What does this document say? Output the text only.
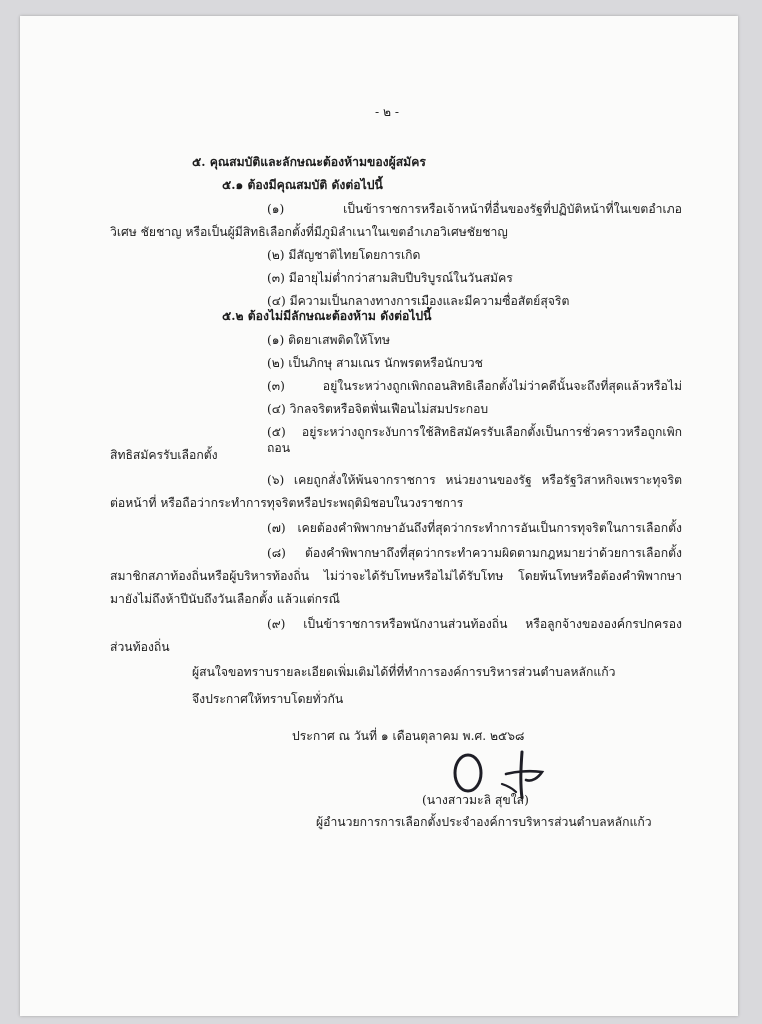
- ๒ -
๕. คุณสมบัติและลักษณะต้องห้ามของผู้สมัคร
๕.๑ ต้องมีคุณสมบัติ ดังต่อไปนี้
(๑) เป็นข้าราชการหรือเจ้าหน้าที่อื่นของรัฐที่ปฏิบัติหน้าที่ในเขตอำเภอ
วิเศษ ชัยชาญ หรือเป็นผู้มีสิทธิเลือกตั้งที่มีภูมิลำเนาในเขตอำเภอวิเศษชัยชาญ
(๒) มีสัญชาติไทยโดยการเกิด
(๓) มีอายุไม่ต่ำกว่าสามสิบปีบริบูรณ์ในวันสมัคร
(๔) มีความเป็นกลางทางการเมืองและมีความซื่อสัตย์สุจริต
๕.๒ ต้องไม่มีลักษณะต้องห้าม ดังต่อไปนี้
(๑) ติดยาเสพติดให้โทษ
(๒) เป็นภิกษุ สามเณร นักพรตหรือนักบวช
(๓) อยู่ในระหว่างถูกเพิกถอนสิทธิเลือกตั้งไม่ว่าคดีนั้นจะถึงที่สุดแล้วหรือไม่
(๔) วิกลจริตหรือจิตฟั่นเฟือนไม่สมประกอบ
(๕) อยู่ระหว่างถูกระงับการใช้สิทธิสมัครรับเลือกตั้งเป็นการชั่วคราวหรือถูกเพิกถอน
สิทธิสมัครรับเลือกตั้ง
(๖) เคยถูกสั่งให้พ้นจากราชการ หน่วยงานของรัฐ หรือรัฐวิสาหกิจเพราะทุจริต
ต่อหน้าที่ หรือถือว่ากระทำการทุจริตหรือประพฤติมิชอบในวงราชการ
(๗) เคยต้องคำพิพากษาอันถึงที่สุดว่ากระทำการอันเป็นการทุจริตในการเลือกตั้ง
(๘) ต้องคำพิพากษาถึงที่สุดว่ากระทำความผิดตามกฎหมายว่าด้วยการเลือกตั้ง
สมาชิกสภาท้องถิ่นหรือผู้บริหารท้องถิ่น ไม่ว่าจะได้รับโทษหรือไม่ได้รับโทษ โดยพ้นโทษหรือต้องคำพิพากษา
มายังไม่ถึงห้าปีนับถึงวันเลือกตั้ง แล้วแต่กรณี
(๙) เป็นข้าราชการหรือพนักงานส่วนท้องถิ่น หรือลูกจ้างขององค์กรปกครอง
ส่วนท้องถิ่น
ผู้สนใจขอทราบรายละเอียดเพิ่มเติมได้ที่ที่ทำการองค์การบริหารส่วนตำบลหลักแก้ว
จึงประกาศให้ทราบโดยทั่วกัน
ประกาศ ณ วันที่ ๑ เดือนตุลาคม พ.ศ. ๒๕๖๘
(นางสาวมะลิ สุขใส)
ผู้อำนวยการการเลือกตั้งประจำองค์การบริหารส่วนตำบลหลักแก้ว
